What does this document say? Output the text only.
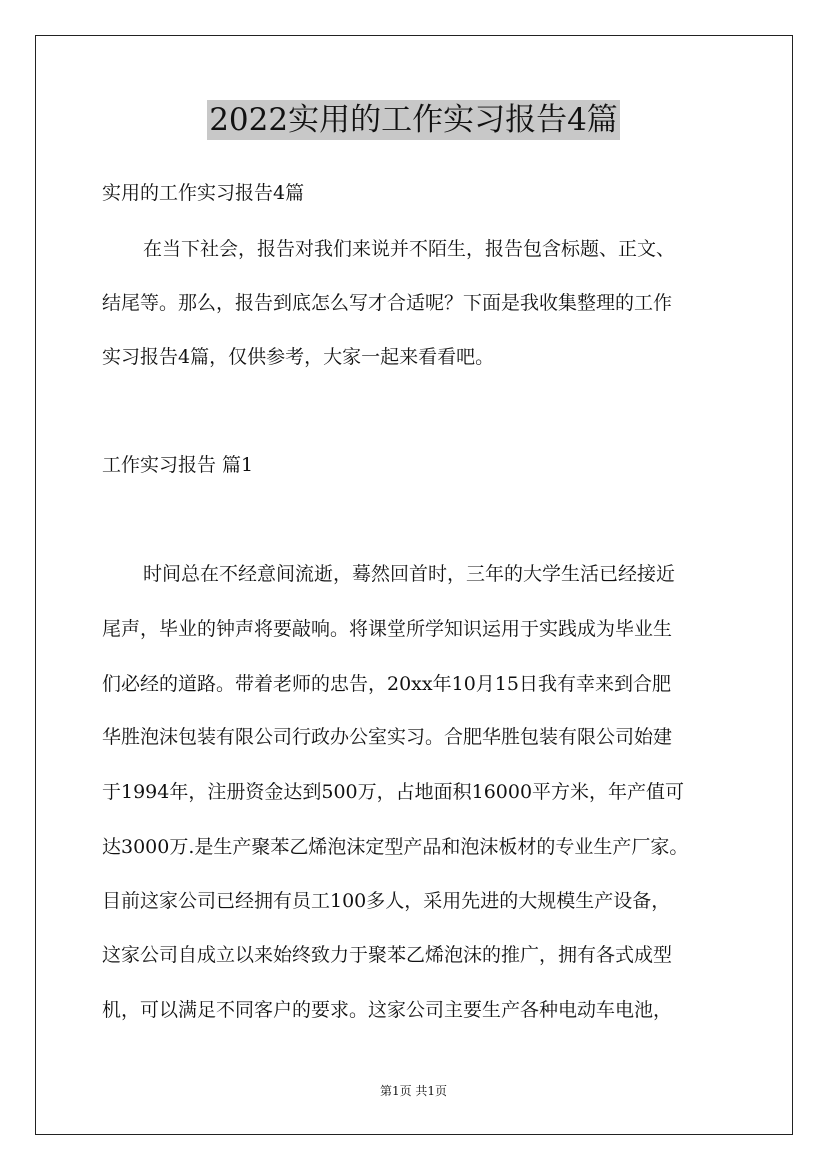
2022实用的工作实习报告4篇
实用的工作实习报告4篇
在当下社会，报告对我们来说并不陌生，报告包含标题、正文、
结尾等。那么，报告到底怎么写才合适呢？下面是我收集整理的工作
实习报告4篇，仅供参考，大家一起来看看吧。
工作实习报告 篇1
时间总在不经意间流逝，蓦然回首时，三年的大学生活已经接近
尾声，毕业的钟声将要敲响。将课堂所学知识运用于实践成为毕业生
们必经的道路。带着老师的忠告，20xx年10月15日我有幸来到合肥
华胜泡沫包装有限公司行政办公室实习。合肥华胜包装有限公司始建
于1994年，注册资金达到500万，占地面积16000平方米，年产值可
达3000万.是生产聚苯乙烯泡沫定型产品和泡沫板材的专业生产厂家。
目前这家公司已经拥有员工100多人，采用先进的大规模生产设备，
这家公司自成立以来始终致力于聚苯乙烯泡沫的推广，拥有各式成型
机，可以满足不同客户的要求。这家公司主要生产各种电动车电池，
第1页 共1页
